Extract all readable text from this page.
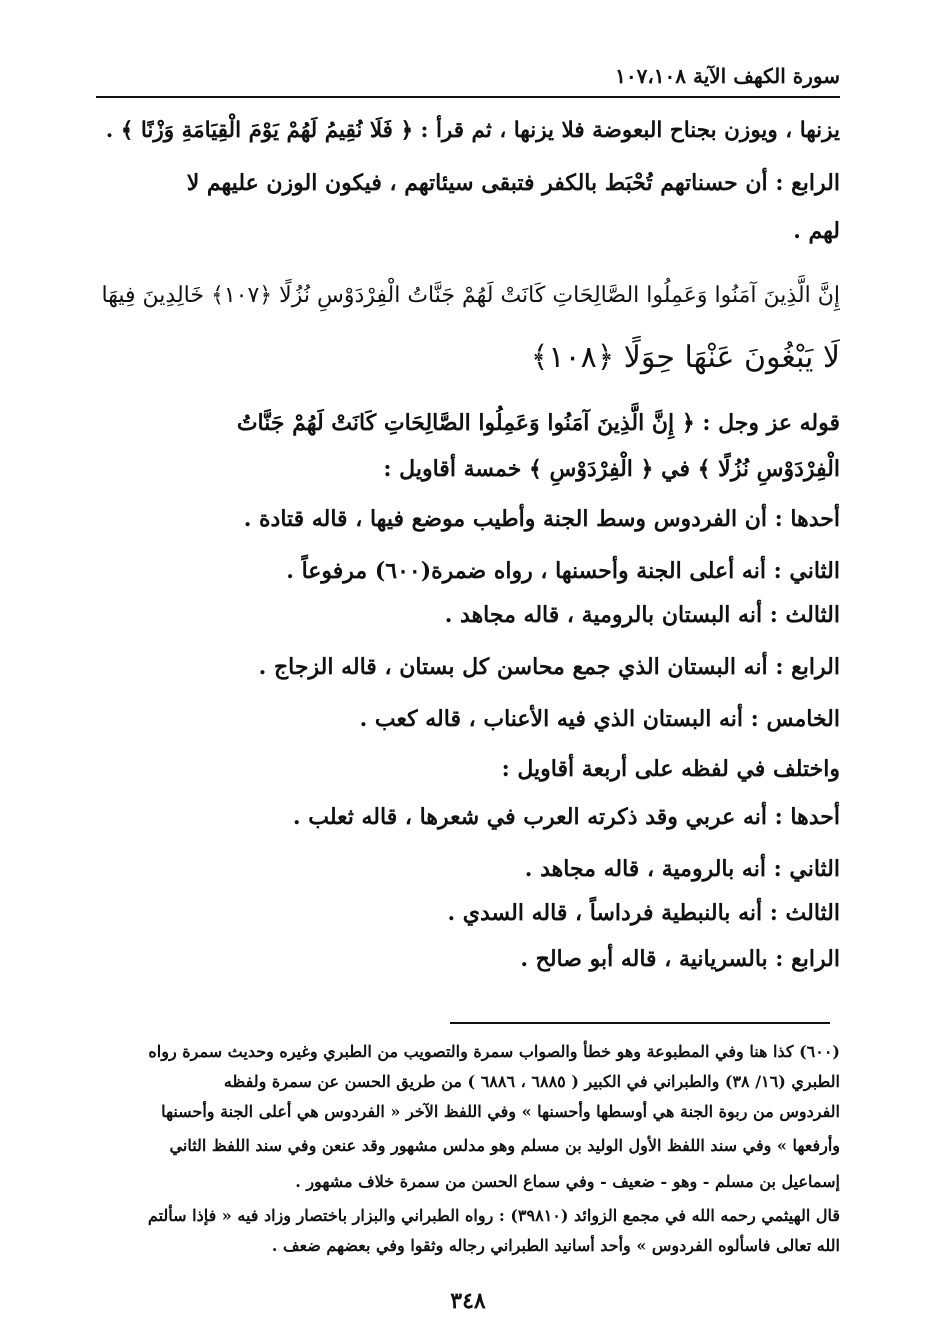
سورة الكهف الآية ١٠٧،١٠٨
يزنها ، ويوزن بجناح البعوضة فلا يزنها ، ثم قرأ : ﴿ فَلَا نُقِيمُ لَهُمْ يَوْمَ الْقِيَامَةِ وَزْنًا ﴾ .
الرابع : أن حسناتهم تُحْبَط بالكفر فتبقى سيئاتهم ، فيكون الوزن عليهم لا
لهم .
إِنَّ الَّذِينَ آمَنُوا وَعَمِلُوا الصَّالِحَاتِ كَانَتْ لَهُمْ جَنَّاتُ الْفِرْدَوْسِ نُزُلًا ﴿١٠٧﴾ خَالِدِينَ فِيهَا
لَا يَبْغُونَ عَنْهَا حِوَلًا ﴿١٠٨﴾
قوله عز وجل : ﴿ إِنَّ الَّذِينَ آمَنُوا وَعَمِلُوا الصَّالِحَاتِ كَانَتْ لَهُمْ جَنَّاتُ
الْفِرْدَوْسِ نُزُلًا ﴾ في ﴿ الْفِرْدَوْسِ ﴾ خمسة أقاويل :
أحدها : أن الفردوس وسط الجنة وأطيب موضع فيها ، قاله قتادة .
الثاني : أنه أعلى الجنة وأحسنها ، رواه ضمرة(٦٠٠) مرفوعاً .
الثالث : أنه البستان بالرومية ، قاله مجاهد .
الرابع : أنه البستان الذي جمع محاسن كل بستان ، قاله الزجاج .
الخامس : أنه البستان الذي فيه الأعناب ، قاله كعب .
واختلف في لفظه على أربعة أقاويل :
أحدها : أنه عربي وقد ذكرته العرب في شعرها ، قاله ثعلب .
الثاني : أنه بالرومية ، قاله مجاهد .
الثالث : أنه بالنبطية فرداساً ، قاله السدي .
الرابع : بالسريانية ، قاله أبو صالح .
(٦٠٠) كذا هنا وفي المطبوعة وهو خطأ والصواب سمرة والتصويب من الطبري وغيره وحديث سمرة رواه
الطبري (١٦/ ٣٨) والطبراني في الكبير ( ٦٨٨٥ ، ٦٨٨٦ ) من طريق الحسن عن سمرة ولفظه
الفردوس من ربوة الجنة هي أوسطها وأحسنها » وفي اللفظ الآخر « الفردوس هي أعلى الجنة وأحسنها
وأرفعها » وفي سند اللفظ الأول الوليد بن مسلم وهو مدلس مشهور وقد عنعن وفي سند اللفظ الثاني
إسماعيل بن مسلم - وهو - ضعيف - وفي سماع الحسن من سمرة خلاف مشهور .
قال الهيثمي رحمه الله في مجمع الزوائد (٣٩٨١٠) : رواه الطبراني والبزار باختصار وزاد فيه « فإذا سألتم
الله تعالى فاسألوه الفردوس » وأحد أسانيد الطبراني رجاله وثقوا وفي بعضهم ضعف .
٣٤٨
